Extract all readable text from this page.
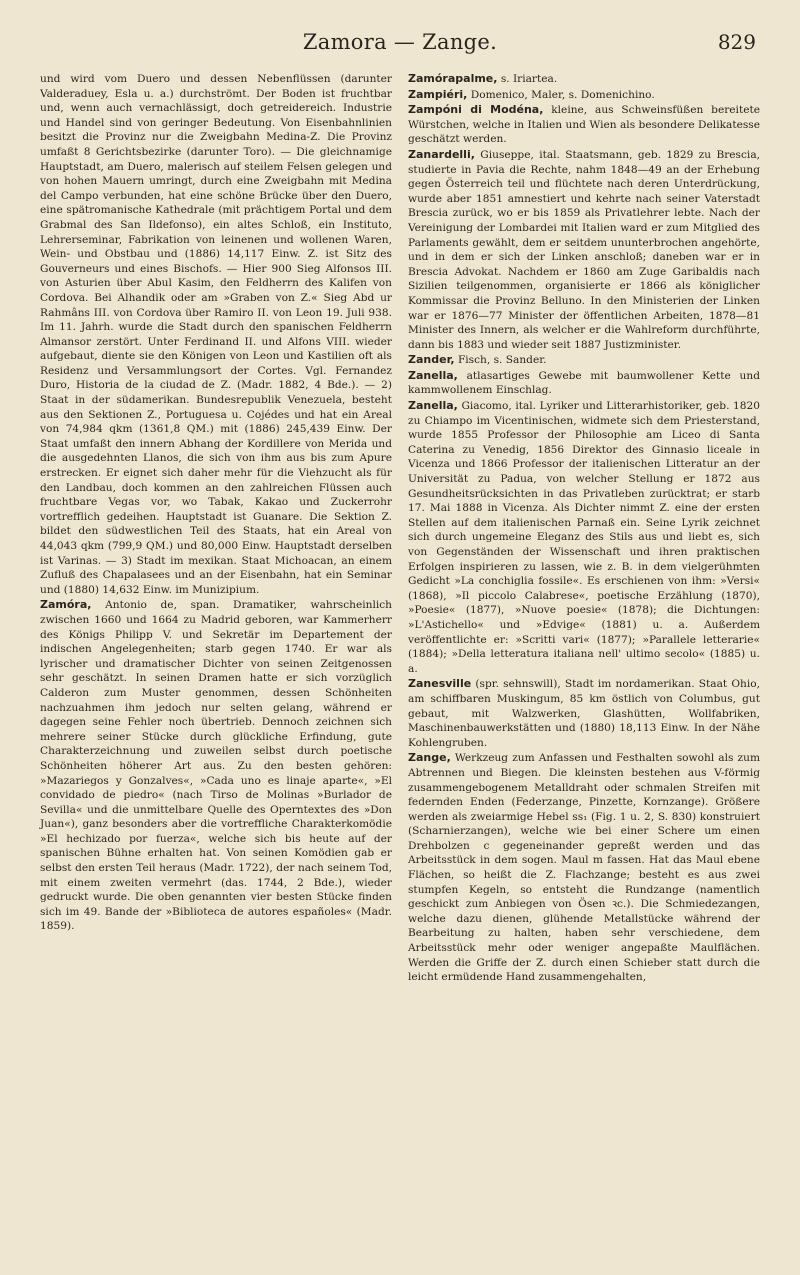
Zamora — Zange.	829

und wird vom Duero und dessen Nebenflüssen (darunter Valderaduey, Esla u. a.) durchströmt. Der Boden ist fruchtbar und, wenn auch vernachlässigt, doch getreidereich. Industrie und Handel sind von geringer Bedeutung. Von Eisenbahnlinien besitzt die Provinz nur die Zweigbahn Medina-Z. Die Provinz umfaßt 8 Gerichtsbezirke (darunter Toro). — Die gleichnamige Hauptstadt, am Duero, malerisch auf steilem Felsen gelegen und von hohen Mauern umringt, durch eine Zweigbahn mit Medina del Campo verbunden, hat eine schöne Brücke über den Duero, eine spätromanische Kathedrale (mit prächtigem Portal und dem Grabmal des San Ildefonso), ein altes Schloß, ein Instituto, Lehrerseminar, Fabrikation von leinenen und wollenen Waren, Wein- und Obstbau und (1886) 14,117 Einw. Z. ist Sitz des Gouverneurs und eines Bischofs. — Hier 900 Sieg Alfonsos III. von Asturien über Abul Kasim, den Feldherrn des Kalifen von Cordova. Bei Alhandik oder am »Graben von Z.« Sieg Abd ur Rahmâns III. von Cordova über Ramiro II. von Leon 19. Juli 938. Im 11. Jahrh. wurde die Stadt durch den spanischen Feldherrn Almansor zerstört. Unter Ferdinand II. und Alfons VIII. wieder aufgebaut, diente sie den Königen von Leon und Kastilien oft als Residenz und Versammlungsort der Cortes. Vgl. Fernandez Duro, Historia de la ciudad de Z. (Madr. 1882, 4 Bde.). — 2) Staat in der südamerikan. Bundesrepublik Venezuela, besteht aus den Sektionen Z., Portuguesa u. Cojédes und hat ein Areal von 74,984 qkm (1361,8 QM.) mit (1886) 245,439 Einw. Der Staat umfaßt den innern Abhang der Kordillere von Merida und die ausgedehnten Llanos, die sich von ihm aus bis zum Apure erstrecken. Er eignet sich daher mehr für die Viehzucht als für den Landbau, doch kommen an den zahlreichen Flüssen auch fruchtbare Vegas vor, wo Tabak, Kakao und Zuckerrohr vortrefflich gedeihen. Hauptstadt ist Guanare. Die Sektion Z. bildet den südwestlichen Teil des Staats, hat ein Areal von 44,043 qkm (799,9 QM.) und 80,000 Einw. Hauptstadt derselben ist Varinas. — 3) Stadt im mexikan. Staat Michoacan, an einem Zufluß des Chapalasees und an der Eisenbahn, hat ein Seminar und (1880) 14,632 Einw. im Munizipium.

Zamóra, Antonio de, span. Dramatiker, wahrscheinlich zwischen 1660 und 1664 zu Madrid geboren, war Kammerherr des Königs Philipp V. und Sekretär im Departement der indischen Angelegenheiten; starb gegen 1740. Er war als lyrischer und dramatischer Dichter von seinen Zeitgenossen sehr geschätzt. In seinen Dramen hatte er sich vorzüglich Calderon zum Muster genommen, dessen Schönheiten nachzuahmen ihm jedoch nur selten gelang, während er dagegen seine Fehler noch übertrieb. Dennoch zeichnen sich mehrere seiner Stücke durch glückliche Erfindung, gute Charakterzeichnung und zuweilen selbst durch poetische Schönheiten höherer Art aus. Zu den besten gehören: »Mazariegos y Gonzalves«, »Cada uno es linaje aparte«, »El convidado de piedro« (nach Tirso de Molinas »Burlador de Sevilla« und die unmittelbare Quelle des Operntextes des »Don Juan«), ganz besonders aber die vortreffliche Charakterkomödie »El hechizado por fuerza«, welche sich bis heute auf der spanischen Bühne erhalten hat. Von seinen Komödien gab er selbst den ersten Teil heraus (Madr. 1722), der nach seinem Tod, mit einem zweiten vermehrt (das. 1744, 2 Bde.), wieder gedruckt wurde. Die oben genannten vier besten Stücke finden sich im 49. Bande der »Biblioteca de autores españoles« (Madr. 1859).

Zamórapalme, s. Iriartea.

Zampiéri, Domenico, Maler, s. Domenichino.

Zampóni di Modéna, kleine, aus Schweinsfüßen bereitete Würstchen, welche in Italien und Wien als besondere Delikatesse geschätzt werden.

Zanardelli, Giuseppe, ital. Staatsmann, geb. 1829 zu Brescia, studierte in Pavia die Rechte, nahm 1848—49 an der Erhebung gegen Österreich teil und flüchtete nach deren Unterdrückung, wurde aber 1851 amnestiert und kehrte nach seiner Vaterstadt Brescia zurück, wo er bis 1859 als Privatlehrer lebte. Nach der Vereinigung der Lombardei mit Italien ward er zum Mitglied des Parlaments gewählt, dem er seitdem ununterbrochen angehörte, und in dem er sich der Linken anschloß; daneben war er in Brescia Advokat. Nachdem er 1860 am Zuge Garibaldis nach Sizilien teilgenommen, organisierte er 1866 als königlicher Kommissar die Provinz Belluno. In den Ministerien der Linken war er 1876—77 Minister der öffentlichen Arbeiten, 1878—81 Minister des Innern, als welcher er die Wahlreform durchführte, dann bis 1883 und wieder seit 1887 Justizminister.

Zander, Fisch, s. Sander.

Zanella, atlasartiges Gewebe mit baumwollener Kette und kammwollenem Einschlag.

Zanella, Giacomo, ital. Lyriker und Litterarhistoriker, geb. 1820 zu Chiampo im Vicentinischen, widmete sich dem Priesterstand, wurde 1855 Professor der Philosophie am Liceo di Santa Caterina zu Venedig, 1856 Direktor des Ginnasio liceale in Vicenza und 1866 Professor der italienischen Litteratur an der Universität zu Padua, von welcher Stellung er 1872 aus Gesundheitsrücksichten in das Privatleben zurücktrat; er starb 17. Mai 1888 in Vicenza. Als Dichter nimmt Z. eine der ersten Stellen auf dem italienischen Parnaß ein. Seine Lyrik zeichnet sich durch ungemeine Eleganz des Stils aus und liebt es, sich von Gegenständen der Wissenschaft und ihren praktischen Erfolgen inspirieren zu lassen, wie z. B. in dem vielgerühmten Gedicht »La conchiglia fossile«. Es erschienen von ihm: »Versi« (1868), »Il piccolo Calabrese«, poetische Erzählung (1870), »Poesie« (1877), »Nuove poesie« (1878); die Dichtungen: »L'Astichello« und »Edvige« (1881) u. a. Außerdem veröffentlichte er: »Scritti vari« (1877); »Parallele letterarie« (1884); »Della letteratura italiana nell' ultimo secolo« (1885) u. a.

Zanesville (spr. sehnswill), Stadt im nordamerikan. Staat Ohio, am schiffbaren Muskingum, 85 km östlich von Columbus, gut gebaut, mit Walzwerken, Glashütten, Wollfabriken, Maschinenbauwerkstätten und (1880) 18,113 Einw. In der Nähe Kohlengruben.

Zange, Werkzeug zum Anfassen und Festhalten sowohl als zum Abtrennen und Biegen. Die kleinsten bestehen aus V-förmig zusammengebogenem Metalldraht oder schmalen Streifen mit federnden Enden (Federzange, Pinzette, Kornzange). Größere werden als zweiarmige Hebel ss₁ (Fig. 1 u. 2, S. 830) konstruiert (Scharnierzangen), welche wie bei einer Schere um einen Drehbolzen c gegeneinander gepreßt werden und das Arbeitsstück in dem sogen. Maul m fassen. Hat das Maul ebene Flächen, so heißt die Z. Flachzange; besteht es aus zwei stumpfen Kegeln, so entsteht die Rundzange (namentlich geschickt zum Anbiegen von Ösen ꝛc.). Die Schmiedezangen, welche dazu dienen, glühende Metallstücke während der Bearbeitung zu halten, haben sehr verschiedene, dem Arbeitsstück mehr oder weniger angepaßte Maulflächen. Werden die Griffe der Z. durch einen Schieber statt durch die leicht ermüdende Hand zusammengehalten,
